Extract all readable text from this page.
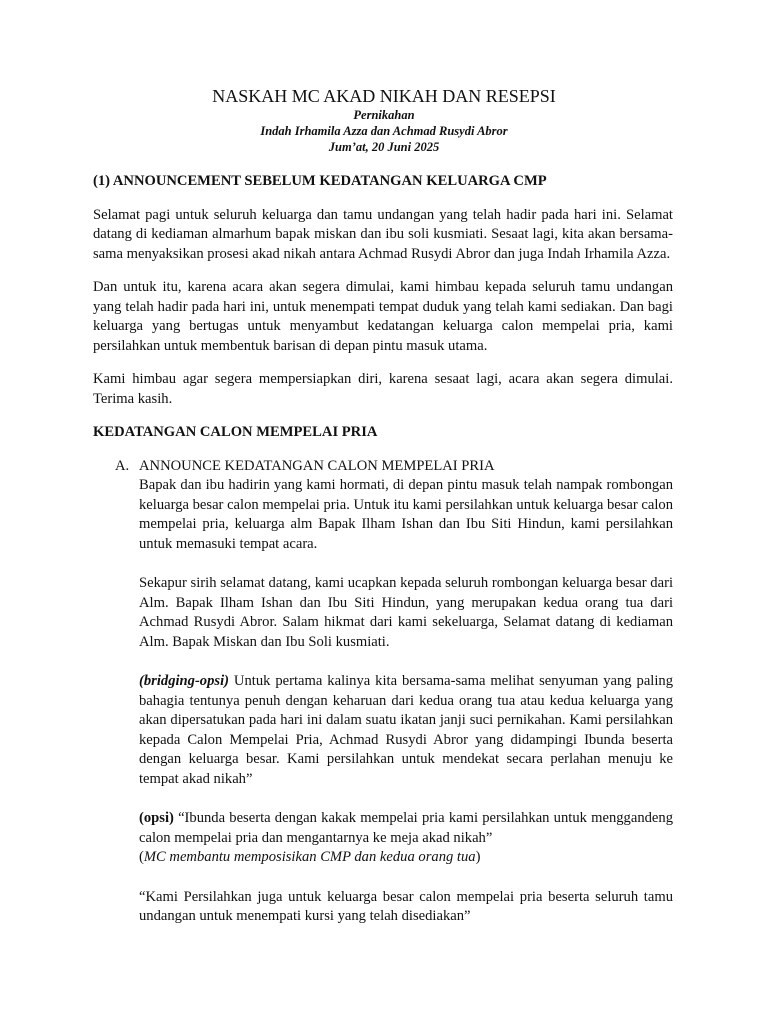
NASKAH MC AKAD NIKAH DAN RESEPSI
Pernikahan
Indah Irhamila Azza dan Achmad Rusydi Abror
Jum’at, 20 Juni 2025
(1) ANNOUNCEMENT SEBELUM KEDATANGAN KELUARGA CMP

Selamat pagi untuk seluruh keluarga dan tamu undangan yang telah hadir pada hari ini. Selamat datang di kediaman almarhum bapak miskan dan ibu soli kusmiati. Sesaat lagi, kita akan bersama-sama menyaksikan prosesi akad nikah antara Achmad Rusydi Abror dan juga Indah Irhamila Azza.

Dan untuk itu, karena acara akan segera dimulai, kami himbau kepada seluruh tamu undangan yang telah hadir pada hari ini, untuk menempati tempat duduk yang telah kami sediakan. Dan bagi keluarga yang bertugas untuk menyambut kedatangan keluarga calon mempelai pria, kami persilahkan untuk membentuk barisan di depan pintu masuk utama.

Kami himbau agar segera mempersiapkan diri, karena sesaat lagi, acara akan segera dimulai. Terima kasih.

KEDATANGAN CALON MEMPELAI PRIA
A. ANNOUNCE KEDATANGAN CALON MEMPELAI PRIA

Bapak dan ibu hadirin yang kami hormati, di depan pintu masuk telah nampak rombongan keluarga besar calon mempelai pria. Untuk itu kami persilahkan untuk keluarga besar calon mempelai pria, keluarga alm Bapak Ilham Ishan dan Ibu Siti Hindun, kami persilahkan untuk memasuki tempat acara.

Sekapur sirih selamat datang, kami ucapkan kepada seluruh rombongan keluarga besar dari Alm. Bapak Ilham Ishan dan Ibu Siti Hindun, yang merupakan kedua orang tua dari Achmad Rusydi Abror. Salam hikmat dari kami sekeluarga, Selamat datang di kediaman Alm. Bapak Miskan dan Ibu Soli kusmiati.

(bridging-opsi) Untuk pertama kalinya kita bersama-sama melihat senyuman yang paling bahagia tentunya penuh dengan keharuan dari kedua orang tua atau kedua keluarga yang akan dipersatukan pada hari ini dalam suatu ikatan janji suci pernikahan. Kami persilahkan kepada Calon Mempelai Pria, Achmad Rusydi Abror yang didampingi Ibunda beserta dengan keluarga besar. Kami persilahkan untuk mendekat secara perlahan menuju ke tempat akad nikah”

(opsi) “Ibunda beserta dengan kakak mempelai pria kami persilahkan untuk menggandeng calon mempelai pria dan mengantarnya ke meja akad nikah”

(MC membantu memposisikan CMP dan kedua orang tua)

“Kami Persilahkan juga untuk keluarga besar calon mempelai pria beserta seluruh tamu undangan untuk menempati kursi yang telah disediakan”
